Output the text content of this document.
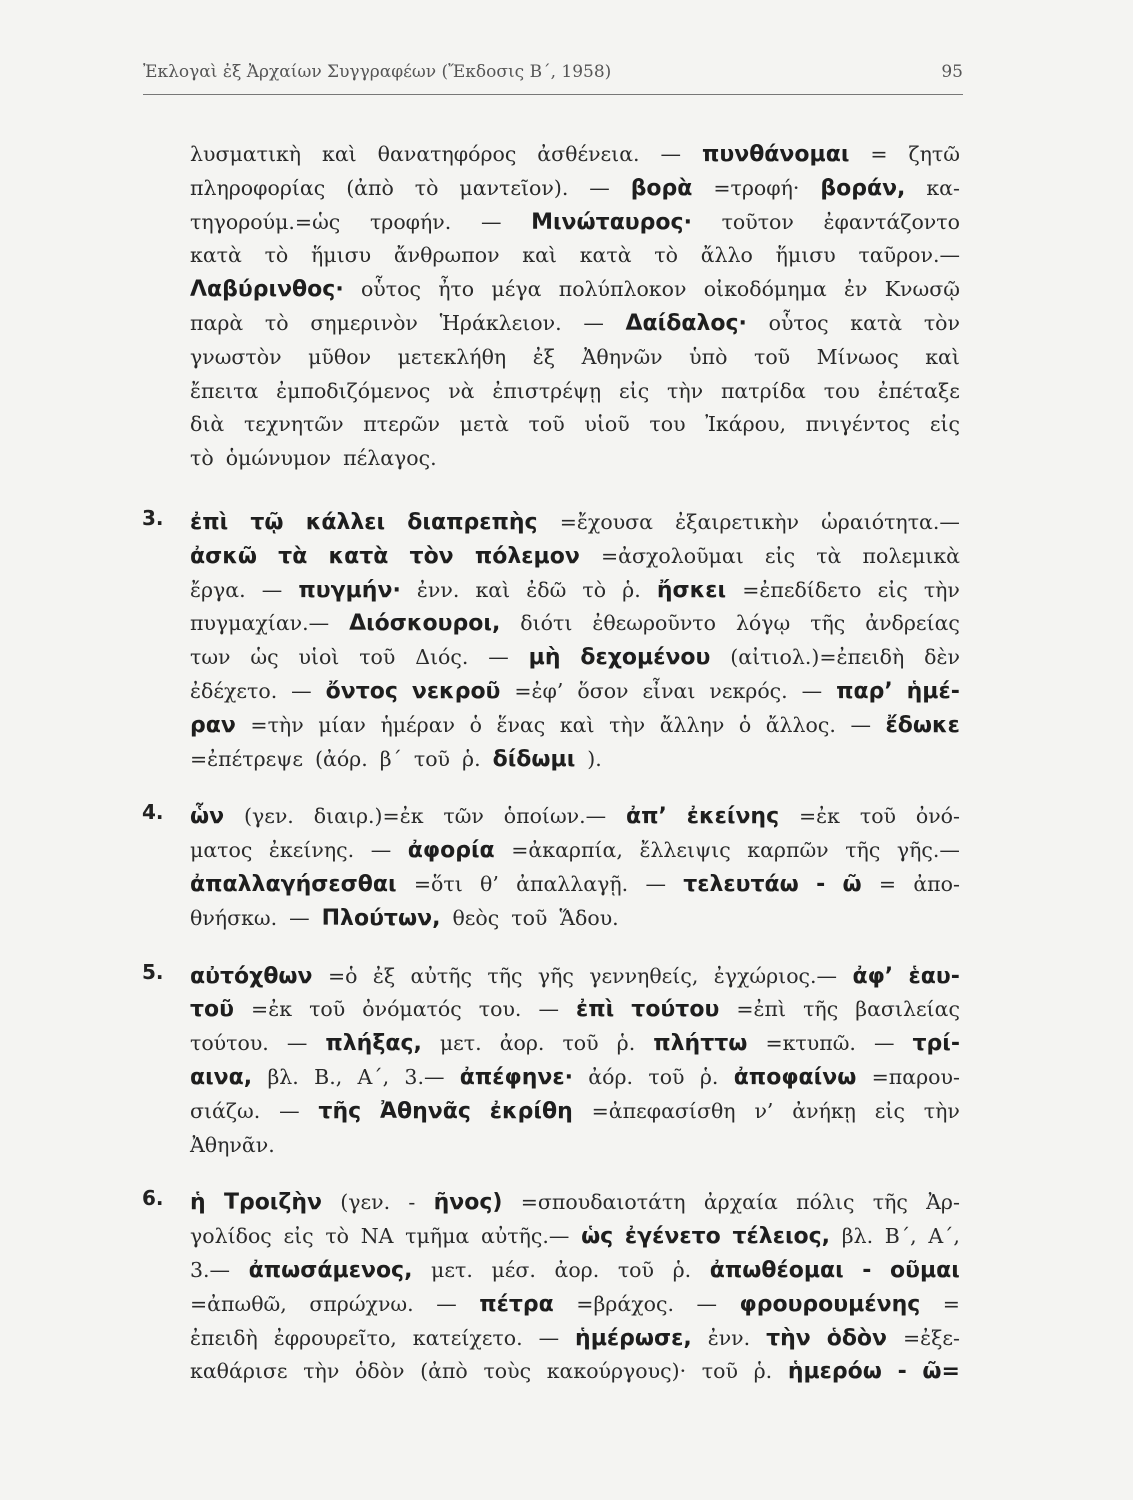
Ἐκλογαὶ ἐξ Ἀρχαίων Συγγραφέων (Ἔκδοσις Β΄, 1958)	95
λυσματικὴ καὶ θανατηφόρος ἀσθένεια. — πυνθάνομαι = ζητῶ
πληροφορίας (ἀπὸ τὸ μαντεῖον). — βορὰ =τροφή· βοράν, κα-
τηγορούμ.=ὡς τροφήν. — Μινώταυρος· τοῦτον ἐφαντάζοντο
κατὰ τὸ ἥμισυ ἄνθρωπον καὶ κατὰ τὸ ἄλλο ἥμισυ ταῦρον.—
Λαβύρινθος· οὗτος ἦτο μέγα πολύπλοκον οἰκοδόμημα ἐν Κνωσῷ
παρὰ τὸ σημερινὸν Ἡράκλειον. — Δαίδαλος· οὗτος κατὰ τὸν
γνωστὸν μῦθον μετεκλήθη ἐξ Ἀθηνῶν ὑπὸ τοῦ Μίνωος καὶ
ἔπειτα ἐμποδιζόμενος νὰ ἐπιστρέψῃ εἰς τὴν πατρίδα του ἐπέταξε
διὰ τεχνητῶν πτερῶν μετὰ τοῦ υἱοῦ του Ἰκάρου, πνιγέντος εἰς
τὸ ὁμώνυμον πέλαγος.
3. ἐπὶ τῷ κάλλει διαπρεπὴς =ἔχουσα ἐξαιρετικὴν ὡραιότητα.—
ἀσκῶ τὰ κατὰ τὸν πόλεμον =ἀσχολοῦμαι εἰς τὰ πολεμικὰ
ἔργα. — πυγμήν· ἐνν. καὶ ἐδῶ τὸ ῥ. ἤσκει =ἐπεδίδετο εἰς τὴν
πυγμαχίαν.— Διόσκουροι, διότι ἐθεωροῦντο λόγῳ τῆς ἀνδρείας
των ὡς υἱοὶ τοῦ Διός. — μὴ δεχομένου (αἰτιολ.)=ἐπειδὴ δὲν
ἐδέχετο. — ὄντος νεκροῦ =ἐφ’ ὅσον εἶναι νεκρός. — παρ’ ἡμέ-
ραν =τὴν μίαν ἡμέραν ὁ ἕνας καὶ τὴν ἄλλην ὁ ἄλλος. — ἔδωκε
=ἐπέτρεψε (ἀόρ. β΄ τοῦ ῥ. δίδωμι ).
4. ὧν (γεν. διαιρ.)=ἐκ τῶν ὁποίων.— ἀπ’ ἐκείνης =ἐκ τοῦ ὀνό-
ματος ἐκείνης. — ἀφορία =ἀκαρπία, ἔλλειψις καρπῶν τῆς γῆς.—
ἀπαλλαγήσεσθαι =ὅτι θ’ ἀπαλλαγῇ. — τελευτάω - ῶ = ἀπο-
θνήσκω. — Πλούτων, θεὸς τοῦ Ἅδου.
5. αὐτόχθων =ὁ ἐξ αὐτῆς τῆς γῆς γεννηθείς, ἐγχώριος.— ἀφ’ ἑαυ-
τοῦ =ἐκ τοῦ ὀνόματός του. — ἐπὶ τούτου =ἐπὶ τῆς βασιλείας
τούτου. — πλήξας, μετ. ἀορ. τοῦ ῥ. πλήττω =κτυπῶ. — τρί-
αινα, βλ. Β., Α΄, 3.— ἀπέφηνε· ἀόρ. τοῦ ῥ. ἀποφαίνω =παρου-
σιάζω. — τῆς Ἀθηνᾶς ἐκρίθη =ἀπεφασίσθη ν’ ἀνήκῃ εἰς τὴν
Ἀθηνᾶν.
6. ἡ Τροιζὴν (γεν. - ῆνος) =σπουδαιοτάτη ἀρχαία πόλις τῆς Ἀρ-
γολίδος εἰς τὸ ΝΑ τμῆμα αὐτῆς.— ὡς ἐγένετο τέλειος, βλ. Β΄, Α΄,
3.— ἀπωσάμενος, μετ. μέσ. ἀορ. τοῦ ῥ. ἀπωθέομαι - οῦμαι
=ἀπωθῶ, σπρώχνω. — πέτρα =βράχος. — φρουρουμένης =
ἐπειδὴ ἐφρουρεῖτο, κατείχετο. — ἡμέρωσε, ἐνν. τὴν ὁδὸν =ἐξε-
καθάρισε τὴν ὁδὸν (ἀπὸ τοὺς κακούργους)· τοῦ ῥ. ἡμερόω - ῶ=
